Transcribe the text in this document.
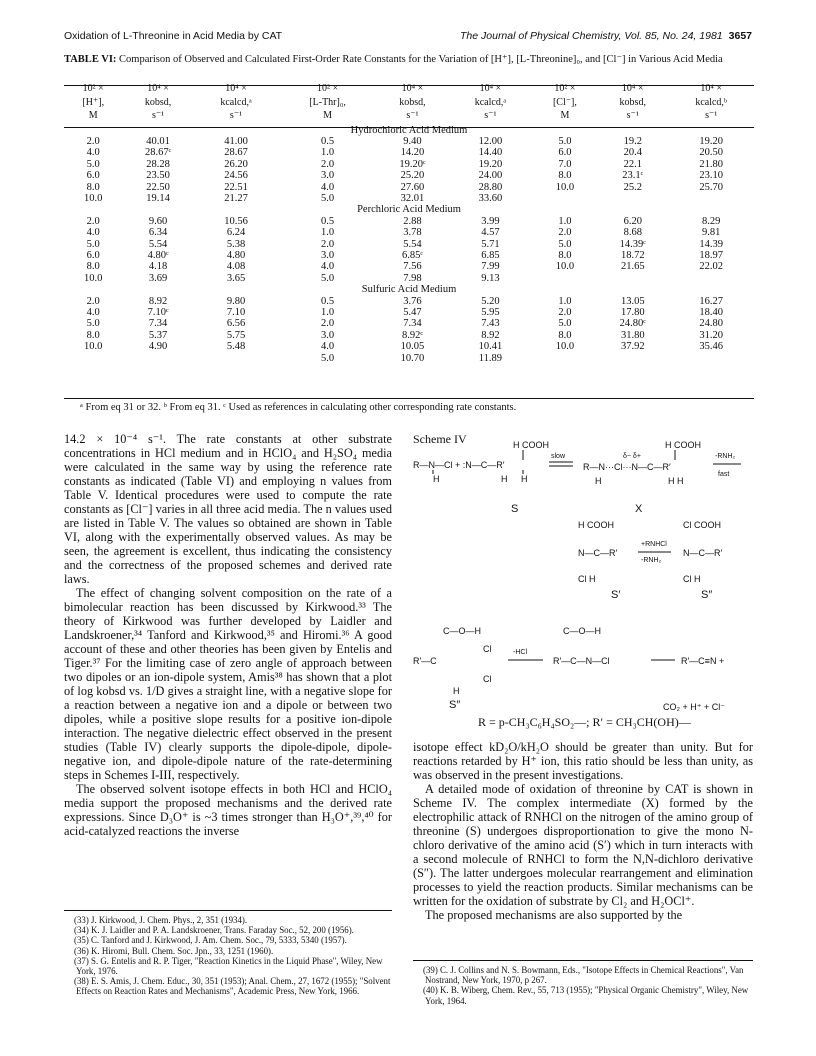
Oxidation of L-Threonine in Acid Media by CAT	The Journal of Physical Chemistry, Vol. 85, No. 24, 1981 3657
TABLE VI: Comparison of Observed and Calculated First-Order Rate Constants for the Variation of [H⁺], [L-Threonine]₀, and [Cl⁻] in Various Acid Media
10² ×	10⁴ ×	10⁴ ×	10² ×	10⁴ ×	10⁴ ×	10² ×	10⁴ ×	10⁴ ×
[H⁺],	kobsd,	kcalcd,ᵃ	[L-Thr]₀,	kobsd,	kcalcd,ᵃ	[Cl⁻],	kobsd,	kcalcd,ᵇ
M	s⁻¹	s⁻¹	M	s⁻¹	s⁻¹	M	s⁻¹	s⁻¹
Hydrochloric Acid Medium								
2.0	40.01	41.00	0.5	9.40	12.00	5.0	19.2	19.20
4.0	28.67ᶜ	28.67	1.0	14.20	14.40	6.0	20.4	20.50
5.0	28.28	26.20	2.0	19.20ᶜ	19.20	7.0	22.1	21.80
6.0	23.50	24.56	3.0	25.20	24.00	8.0	23.1ᶜ	23.10
8.0	22.50	22.51	4.0	27.60	28.80	10.0	25.2	25.70
10.0	19.14	21.27	5.0	32.01	33.60			
Perchloric Acid Medium								
2.0	9.60	10.56	0.5	2.88	3.99	1.0	6.20	8.29
4.0	6.34	6.24	1.0	3.78	4.57	2.0	8.68	9.81
5.0	5.54	5.38	2.0	5.54	5.71	5.0	14.39ᶜ	14.39
6.0	4.80ᶜ	4.80	3.0	6.85ᶜ	6.85	8.0	18.72	18.97
8.0	4.18	4.08	4.0	7.56	7.99	10.0	21.65	22.02
10.0	3.69	3.65	5.0	7.98	9.13			
Sulfuric Acid Medium								
2.0	8.92	9.80	0.5	3.76	5.20	1.0	13.05	16.27
4.0	7.10ᶜ	7.10	1.0	5.47	5.95	2.0	17.80	18.40
5.0	7.34	6.56	2.0	7.34	7.43	5.0	24.80ᶜ	24.80
8.0	5.37	5.75	3.0	8.92ᶜ	8.92	8.0	31.80	31.20
10.0	4.90	5.48	4.0	10.05	10.41	10.0	37.92	35.46
			5.0	10.70	11.89			
ᵃ From eq 31 or 32. ᵇ From eq 31. ᶜ Used as references in calculating other corresponding rate constants.

14.2 × 10⁻⁴ s⁻¹. The rate constants at other substrate concentrations in HCl medium and in HClO₄ and H₂SO₄ media were calculated in the same way by using the reference rate constants as indicated (Table VI) and employing n values from Table V. Identical procedures were used to compute the rate constants as [Cl⁻] varies in all three acid media. The n values used are listed in Table V. The values so obtained are shown in Table VI, along with the experimentally observed values. As may be seen, the agreement is excellent, thus indicating the consistency and the correctness of the proposed schemes and derived rate laws.

The effect of changing solvent composition on the rate of a bimolecular reaction has been discussed by Kirkwood.³³ The theory of Kirkwood was further developed by Laidler and Landskroener,³⁴ Tanford and Kirkwood,³⁵ and Hiromi.³⁶ A good account of these and other theories has been given by Entelis and Tiger.³⁷ For the limiting case of zero angle of approach between two dipoles or an ion-dipole system, Amis³⁸ has shown that a plot of log kobsd vs. 1/D gives a straight line, with a negative slope for a reaction between a negative ion and a dipole or between two dipoles, while a positive slope results for a positive ion-dipole interaction. The negative dielectric effect observed in the present studies (Table IV) clearly supports the dipole-dipole, dipole-negative ion, and dipole-dipole nature of the rate-determining steps in Schemes I-III, respectively.

The observed solvent isotope effects in both HCl and HClO₄ media support the proposed mechanisms and the derived rate expressions. Since D₃O⁺ is ~3 times stronger than H₃O⁺,³⁹,⁴⁰ for acid-catalyzed reactions the inverse

Scheme IV
R—N—Cl + :N—C—R′
H	H H
H COOH	H COOH
R—N···Cl···N—C—R′
δ− δ+
H	H H
slow
fast
-RNH₂
S	X
H COOH
N—C—R′
Cl H
Cl COOH
N—C—R′
Cl H
+RNHCl
-RNH₂
S′	S″
C—O—H
R′—C
Cl
Cl
H
C—O—H
R′—C—N—Cl
-HCl
R′—C≡N +
S″	CO₂ + H⁺ + Cl⁻
R = p-CH₃C₆H₄SO₂—; R′ = CH₃CH(OH)—

isotope effect kD₂O/kH₂O should be greater than unity. But for reactions retarded by H⁺ ion, this ratio should be less than unity, as was observed in the present investigations.

A detailed mode of oxidation of threonine by CAT is shown in Scheme IV. The complex intermediate (X) formed by the electrophilic attack of RNHCl on the nitrogen of the amino group of threonine (S) undergoes disproportionation to give the mono N-chloro derivative of the amino acid (S′) which in turn interacts with a second molecule of RNHCl to form the N,N-dichloro derivative (S″). The latter undergoes molecular rearrangement and elimination processes to yield the reaction products. Similar mechanisms can be written for the oxidation of substrate by Cl₂ and H₂OCl⁺.

The proposed mechanisms are also supported by the

(33) J. Kirkwood, J. Chem. Phys., 2, 351 (1934).
(34) K. J. Laidler and P. A. Landskroener, Trans. Faraday Soc., 52, 200 (1956).
(35) C. Tanford and J. Kirkwood, J. Am. Chem. Soc., 79, 5333, 5340 (1957).
(36) K. Hiromi, Bull. Chem. Soc. Jpn., 33, 1251 (1960).
(37) S. G. Entelis and R. P. Tiger, "Reaction Kinetics in the Liquid Phase", Wiley, New York, 1976.
(38) E. S. Amis, J. Chem. Educ., 30, 351 (1953); Anal. Chem., 27, 1672 (1955); "Solvent Effects on Reaction Rates and Mechanisms", Academic Press, New York, 1966.
(39) C. J. Collins and N. S. Bowmann, Eds., "Isotope Effects in Chemical Reactions", Van Nostrand, New York, 1970, p 267.
(40) K. B. Wiberg, Chem. Rev., 55, 713 (1955); "Physical Organic Chemistry", Wiley, New York, 1964.
